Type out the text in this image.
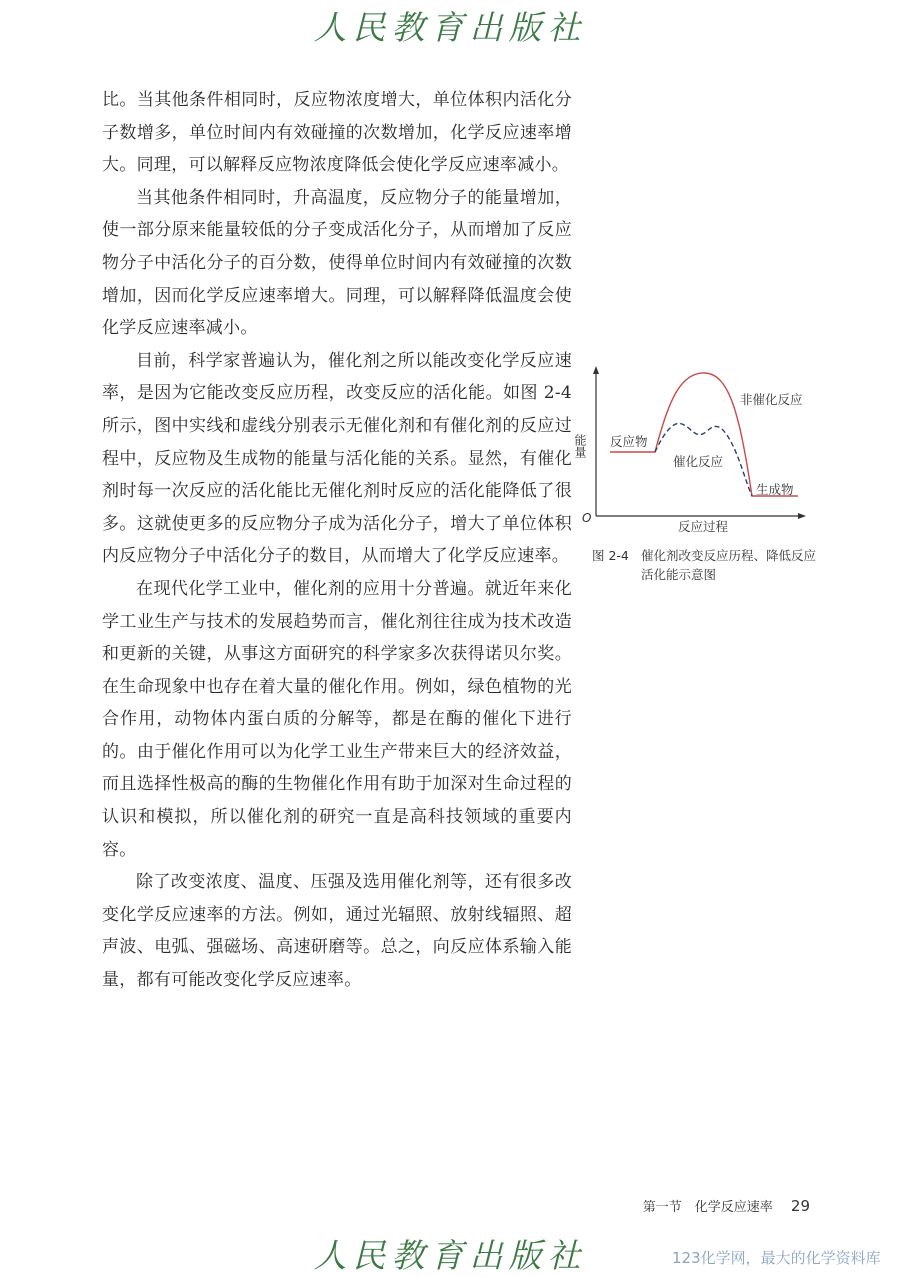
人民教育出版社

比。当其他条件相同时，反应物浓度增大，单位体积内活化分子数增多，单位时间内有效碰撞的次数增加，化学反应速率增大。同理，可以解释反应物浓度降低会使化学反应速率减小。

当其他条件相同时，升高温度，反应物分子的能量增加，使一部分原来能量较低的分子变成活化分子，从而增加了反应物分子中活化分子的百分数，使得单位时间内有效碰撞的次数增加，因而化学反应速率增大。同理，可以解释降低温度会使化学反应速率减小。

目前，科学家普遍认为，催化剂之所以能改变化学反应速率，是因为它能改变反应历程，改变反应的活化能。如图 2-4 所示，图中实线和虚线分别表示无催化剂和有催化剂的反应过程中，反应物及生成物的能量与活化能的关系。显然，有催化剂时每一次反应的活化能比无催化剂时反应的活化能降低了很多。这就使更多的反应物分子成为活化分子，增大了单位体积内反应物分子中活化分子的数目，从而增大了化学反应速率。

在现代化学工业中，催化剂的应用十分普遍。就近年来化学工业生产与技术的发展趋势而言，催化剂往往成为技术改造和更新的关键，从事这方面研究的科学家多次获得诺贝尔奖。在生命现象中也存在着大量的催化作用。例如，绿色植物的光合作用，动物体内蛋白质的分解等，都是在酶的催化下进行的。由于催化作用可以为化学工业生产带来巨大的经济效益，而且选择性极高的酶的生物催化作用有助于加深对生命过程的认识和模拟，所以催化剂的研究一直是高科技领域的重要内容。

除了改变浓度、温度、压强及选用催化剂等，还有很多改变化学反应速率的方法。例如，通过光辐照、放射线辐照、超声波、电弧、强磁场、高速研磨等。总之，向反应体系输入能量，都有可能改变化学反应速率。

能量
O
反应物
非催化反应
催化反应
生成物
反应过程
图 2-4 催化剂改变反应历程、降低反应活化能示意图
第一节　化学反应速率 29
人民教育出版社	123化学网，最大的化学资料库
